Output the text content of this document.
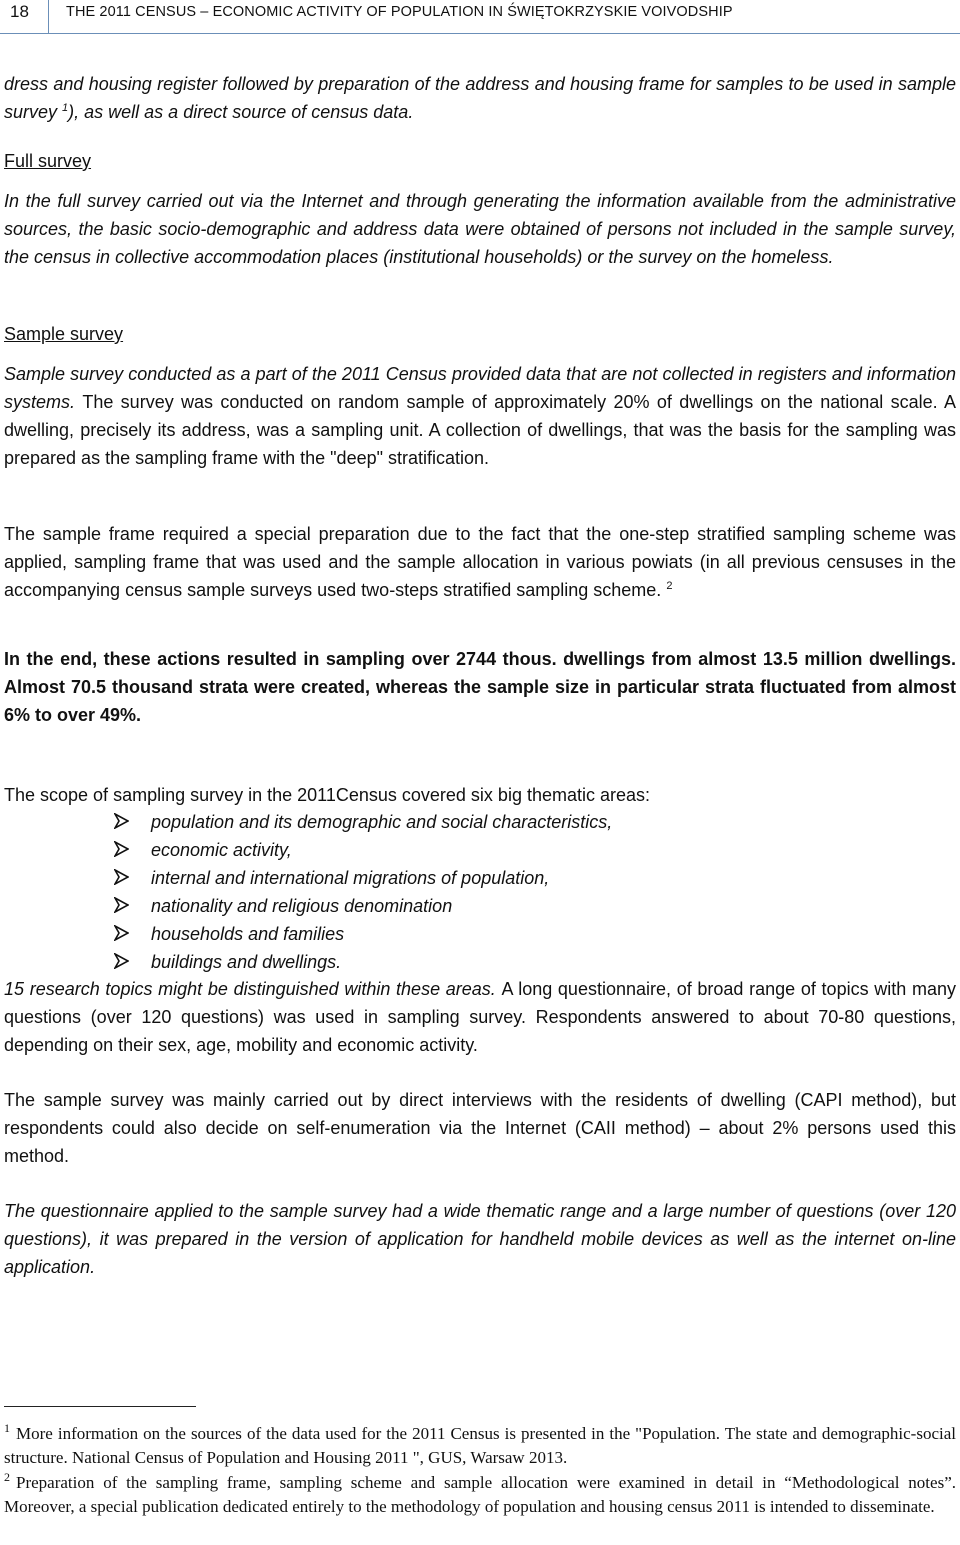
18	THE 2011 CENSUS – ECONOMIC ACTIVITY OF POPULATION IN ŚWIĘTOKRZYSKIE VOIVODSHIP

dress and housing register followed by preparation of the address and housing frame for samples to be used in sample survey $^1$), as well as a direct source of census data.

Full survey

In the full survey carried out via the Internet and through generating the information available from the administrative sources, the basic socio-demographic and address data were obtained of persons not included in the sample survey, the census in collective accommodation places (institutional households) or the survey on the homeless.

Sample survey

Sample survey conducted as a part of the 2011 Census provided data that are not collected in registers and information systems. The survey was conducted on random sample of approximately 20% of dwellings on the national scale. A dwelling, precisely its address, was a sampling unit. A collection of dwellings, that was the basis for the sampling was prepared as the sampling frame with the "deep" stratification.

The sample frame required a special preparation due to the fact that the one-step stratified sampling scheme was applied, sampling frame that was used and the sample allocation in various powiats (in all previous censuses in the accompanying census sample surveys used two-steps stratified sampling scheme. $^2$

In the end, these actions resulted in sampling over 2744 thous. dwellings from almost 13.5 million dwellings. Almost 70.5 thousand strata were created, whereas the sample size in particular strata fluctuated from almost 6% to over 49%.

The scope of sampling survey in the 2011Census covered six big thematic areas:
population and its demographic and social characteristics,
economic activity,
internal and international migrations of population,
nationality and religious denomination
households and families
buildings and dwellings.

15 research topics might be distinguished within these areas. A long questionnaire, of broad range of topics with many questions (over 120 questions) was used in sampling survey. Respondents answered to about 70-80 questions, depending on their sex, age, mobility and economic activity.

The sample survey was mainly carried out by direct interviews with the residents of dwelling (CAPI method), but respondents could also decide on self-enumeration via the Internet (CAII method) – about 2% persons used this method.

The questionnaire applied to the sample survey had a wide thematic range and a large number of questions (over 120 questions), it was prepared in the version of application for handheld mobile devices as well as the internet on-line application.

$^1$ More information on the sources of the data used for the 2011 Census is presented in the "Population. The state and demographic-social structure. National Census of Population and Housing 2011 ", GUS, Warsaw 2013.

$^2$ Preparation of the sampling frame, sampling scheme and sample allocation were examined in detail in “Methodological notes”. Moreover, a special publication dedicated entirely to the methodology of population and housing census 2011 is intended to disseminate.
